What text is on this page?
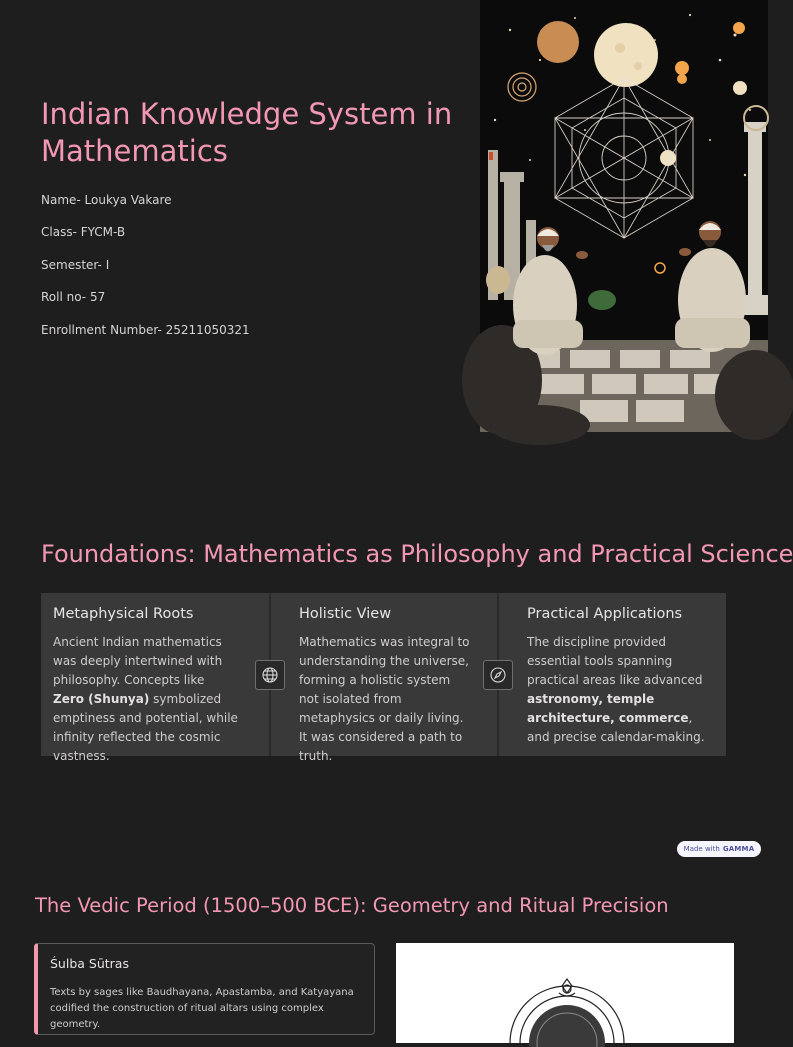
Indian Knowledge System in Mathematics

Name- Loukya Vakare

Class- FYCM-B

Semester- I

Roll no- 57

Enrollment Number- 25211050321

Foundations: Mathematics as Philosophy and Practical Science
Metaphysical Roots

Ancient Indian mathematics was deeply intertwined with philosophy. Concepts like Zero (Shunya) symbolized emptiness and potential, while infinity reflected the cosmic vastness.

Holistic View

Mathematics was integral to understanding the universe, forming a holistic system not isolated from metaphysics or daily living. It was considered a path to truth.

Practical Applications

The discipline provided essential tools spanning practical areas like advanced astronomy, temple architecture, commerce, and precise calendar-making.

Made with GAMMA
The Vedic Period (1500–500 BCE): Geometry and Ritual Precision
Śulba Sūtras

Texts by sages like Baudhayana, Apastamba, and Katyayana codified the construction of ritual altars using complex geometry.
